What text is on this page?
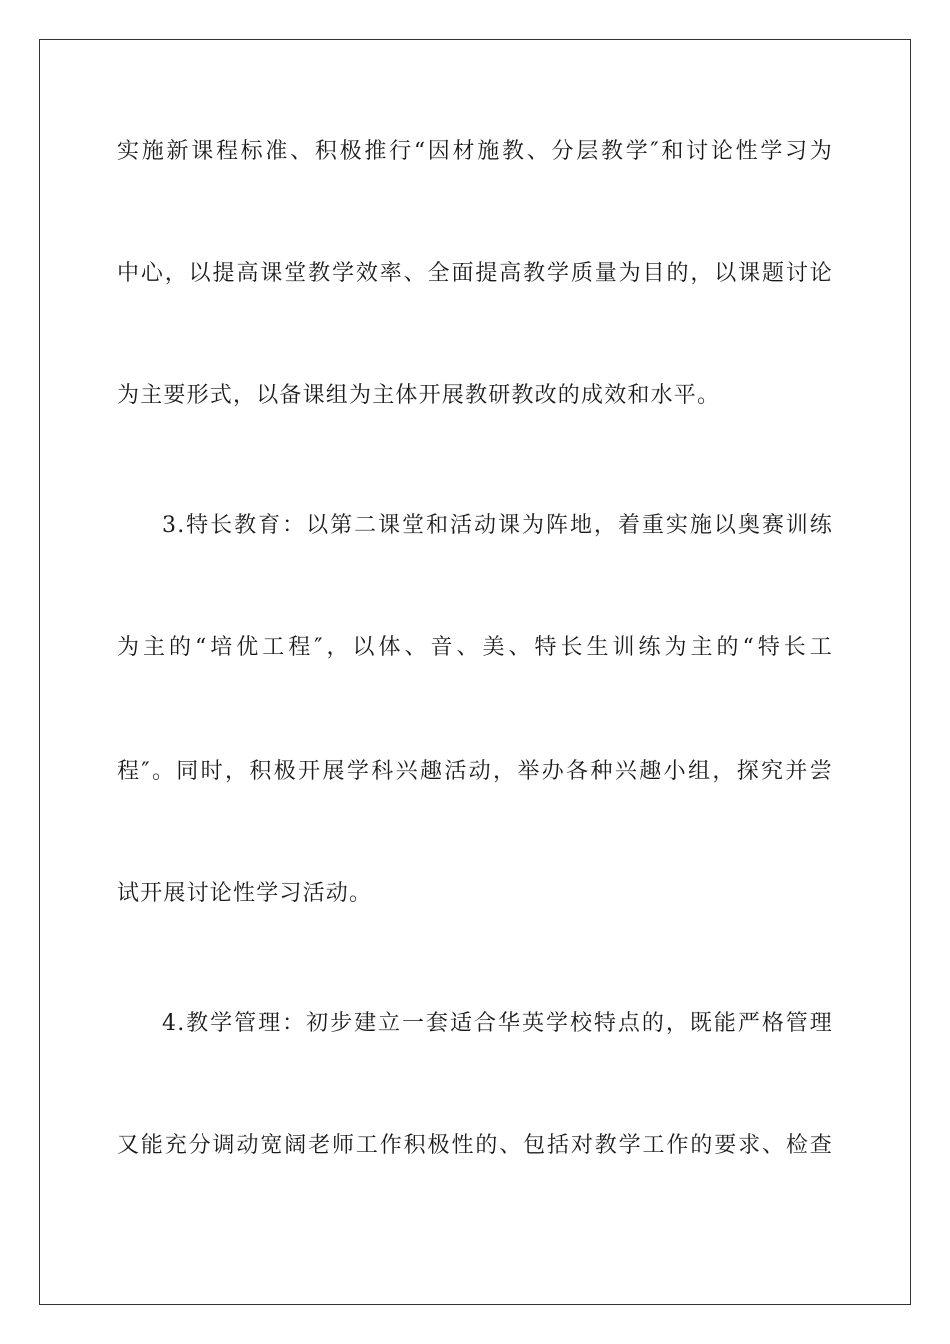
实施新课程标准、积极推行“因材施教、分层教学″和讨论性学习为
中心，以提高课堂教学效率、全面提高教学质量为目的，以课题讨论
为主要形式，以备课组为主体开展教研教改的成效和水平。
3.特长教育：以第二课堂和活动课为阵地，着重实施以奥赛训练
为主的“培优工程″，以体、音、美、特长生训练为主的“特长工
程″。同时，积极开展学科兴趣活动，举办各种兴趣小组，探究并尝
试开展讨论性学习活动。
4.教学管理：初步建立一套适合华英学校特点的，既能严格管理
又能充分调动宽阔老师工作积极性的、包括对教学工作的要求、检查
